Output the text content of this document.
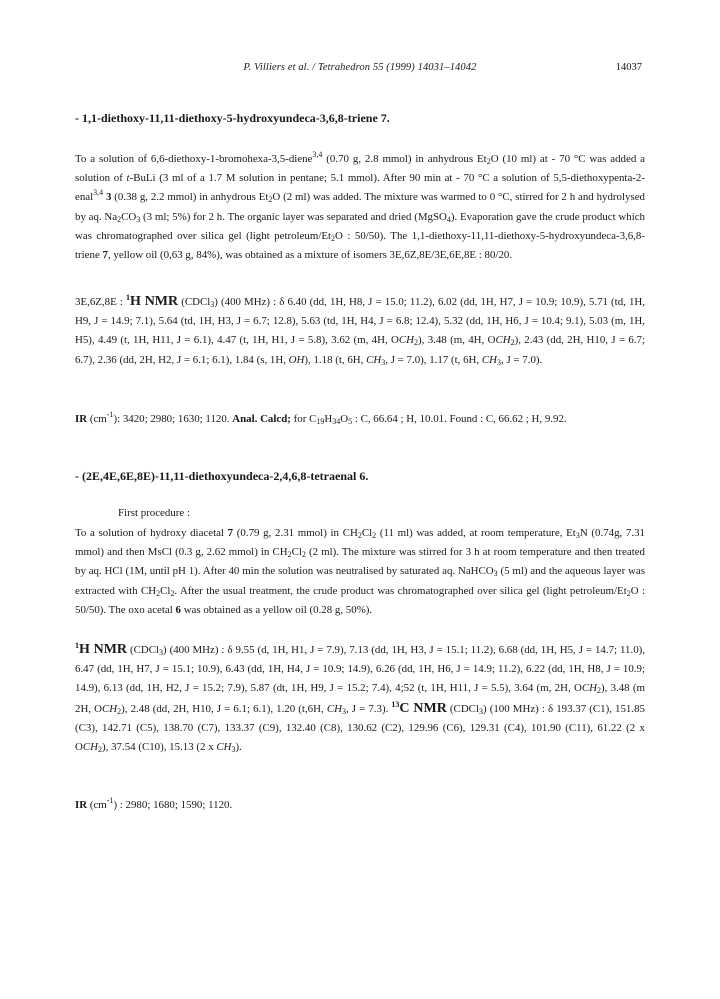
P. Villiers et al. / Tetrahedron 55 (1999) 14031–14042	14037
- 1,1-diethoxy-11,11-diethoxy-5-hydroxyundeca-3,6,8-triene 7.
To a solution of 6,6-diethoxy-1-bromohexa-3,5-diene$^{3,4}$ (0.70 g, 2.8 mmol) in anhydrous $Et_2O$ (10 ml) at - 70 °C was added a solution of t-BuLi (3 ml of a 1.7 M solution in pentane; 5.1 mmol). After 90 min at - 70 °C a solution of 5,5-diethoxypenta-2-enal$^{3,4}$ 3 (0.38 g, 2.2 mmol) in anhydrous $Et_2O$ (2 ml) was added. The mixture was warmed to 0 °C, stirred for 2 h and hydrolysed by aq. $Na_2CO_3$ (3 ml; 5%) for 2 h. The organic layer was separated and dried (MgSO$_4$). Evaporation gave the crude product which was chromatographed over silica gel (light petroleum/$Et_2O$ : 50/50). The 1,1-diethoxy-11,11-diethoxy-5-hydroxyundeca-3,6,8-triene 7, yellow oil (0,63 g, 84%), was obtained as a mixture of isomers 3E,6Z,8E/3E,6E,8E : 80/20.
3E,6Z,8E : $^1$H NMR (CDCl$_3$) (400 MHz) : δ 6.40 (dd, 1H, H8, J = 15.0; 11.2), 6.02 (dd, 1H, H7, J = 10.9; 10.9), 5.71 (td, 1H, H9, J = 14.9; 7.1), 5.64 (td, 1H, H3, J = 6.7; 12.8), 5.63 (td, 1H, H4, J = 6.8; 12.4), 5.32 (dd, 1H, H6, J = 10.4; 9.1), 5.03 (m, 1H, H5), 4.49 (t, 1H, H11, J = 6.1), 4.47 (t, 1H, H1, J = 5.8), 3.62 (m, 4H, $OCH_2$), 3.48 (m, 4H, $OCH_2$), 2.43 (dd, 2H, H10, J = 6.7; 6.7), 2.36 (dd, 2H, H2, J = 6.1; 6.1), 1.84 (s, 1H, OH), 1.18 (t, 6H, $CH_3$, J = 7.0), 1.17 (t, 6H, $CH_3$, J = 7.0).
IR $(cm^{-1})$: 3420; 2980; 1630; 1120. Anal. Calcd; for $C_{19}H_{34}O_5$ : C, 66.64 ; H, 10.01. Found : C, 66.62 ; H, 9.92.
- (2E,4E,6E,8E)-11,11-diethoxyundeca-2,4,6,8-tetraenal 6.
First procedure :
To a solution of hydroxy diacetal 7 (0.79 g, 2.31 mmol) in $CH_2Cl_2$ (11 ml) was added, at room temperature, $Et_3N$ (0.74g, 7.31 mmol) and then MsCl (0.3 g, 2.62 mmol) in $CH_2Cl_2$ (2 ml). The mixture was stirred for 3 h at room temperature and then treated by aq. HCl (1M, until pH 1). After 40 min the solution was neutralised by saturated aq. NaHCO$_3$ (5 ml) and the aqueous layer was extracted with $CH_2Cl_2$. After the usual treatment, the crude product was chromatographed over silica gel (light petroleum/$Et_2O$ : 50/50). The oxo acetal 6 was obtained as a yellow oil (0.28 g, 50%).
$^1$H NMR (CDCl$_3$) (400 MHz) : δ 9.55 (d, 1H, H1, J = 7.9), 7.13 (dd, 1H, H3, J = 15.1; 11.2), 6.68 (dd, 1H, H5, J = 14.7; 11.0), 6.47 (dd, 1H, H7, J = 15.1; 10.9), 6.43 (dd, 1H, H4, J = 10.9; 14.9), 6.26 (dd, 1H, H6, J = 14.9; 11.2), 6.22 (dd, 1H, H8, J = 10.9; 14.9), 6.13 (dd, 1H, H2, J = 15.2; 7.9), 5.87 (dt, 1H, H9, J = 15.2; 7.4), 4;52 (t, 1H, H11, J = 5.5), 3.64 (m, 2H, $OCH_2$), 3.48 (m 2H, $OCH_2$), 2.48 (dd, 2H, H10, J = 6.1; 6.1), 1.20 (t,6H, $CH_3$, J = 7.3). $^{13}$C NMR (CDCl$_3$) (100 MHz) : δ 193.37 (C1), 151.85 (C3), 142.71 (C5), 138.70 (C7), 133.37 (C9), 132.40 (C8), 130.62 (C2), 129.96 (C6), 129.31 (C4), 101.90 (C11), 61.22 (2 x $OCH_2$), 37.54 (C10), 15.13 (2 x $CH_3$).
IR $(cm^{-1})$ : 2980; 1680; 1590; 1120.
